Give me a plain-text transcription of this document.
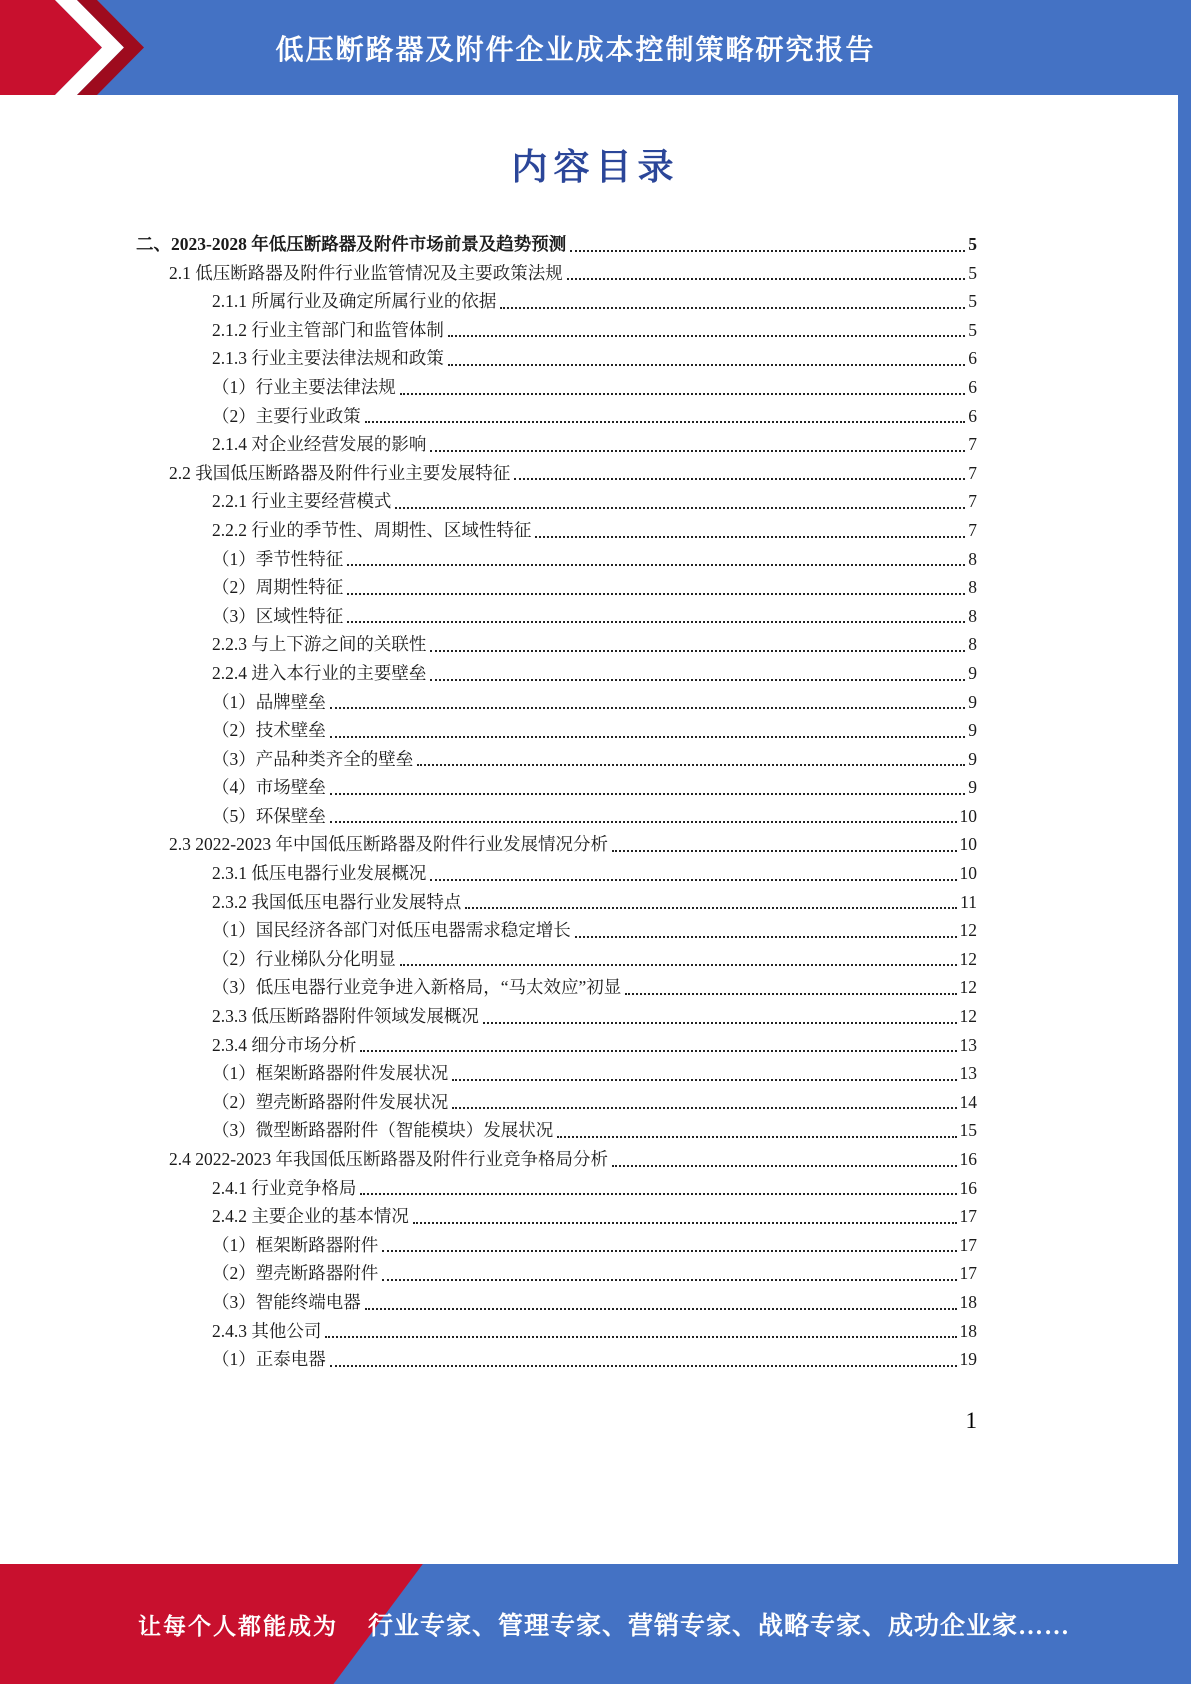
低压断路器及附件企业成本控制策略研究报告
内容目录
二、2023-2028 年低压断路器及附件市场前景及趋势预测	5
2.1 低压断路器及附件行业监管情况及主要政策法规	5
2.1.1 所属行业及确定所属行业的依据	5
2.1.2 行业主管部门和监管体制	5
2.1.3 行业主要法律法规和政策	6
（1）行业主要法律法规	6
（2）主要行业政策	6
2.1.4 对企业经营发展的影响	7
2.2 我国低压断路器及附件行业主要发展特征	7
2.2.1 行业主要经营模式	7
2.2.2 行业的季节性、周期性、区域性特征	7
（1）季节性特征	8
（2）周期性特征	8
（3）区域性特征	8
2.2.3 与上下游之间的关联性	8
2.2.4 进入本行业的主要壁垒	9
（1）品牌壁垒	9
（2）技术壁垒	9
（3）产品种类齐全的壁垒	9
（4）市场壁垒	9
（5）环保壁垒	10
2.3 2022-2023 年中国低压断路器及附件行业发展情况分析	10
2.3.1 低压电器行业发展概况	10
2.3.2 我国低压电器行业发展特点	11
（1）国民经济各部门对低压电器需求稳定增长	12
（2）行业梯队分化明显	12
（3）低压电器行业竞争进入新格局，“马太效应”初显	12
2.3.3 低压断路器附件领域发展概况	12
2.3.4 细分市场分析	13
（1）框架断路器附件发展状况	13
（2）塑壳断路器附件发展状况	14
（3）微型断路器附件（智能模块）发展状况	15
2.4 2022-2023 年我国低压断路器及附件行业竞争格局分析	16
2.4.1 行业竞争格局	16
2.4.2 主要企业的基本情况	17
（1）框架断路器附件	17
（2）塑壳断路器附件	17
（3）智能终端电器	18
2.4.3 其他公司	18
（1）正泰电器	19
1
让每个人都能成为 行业专家、管理专家、营销专家、战略专家、成功企业家……
